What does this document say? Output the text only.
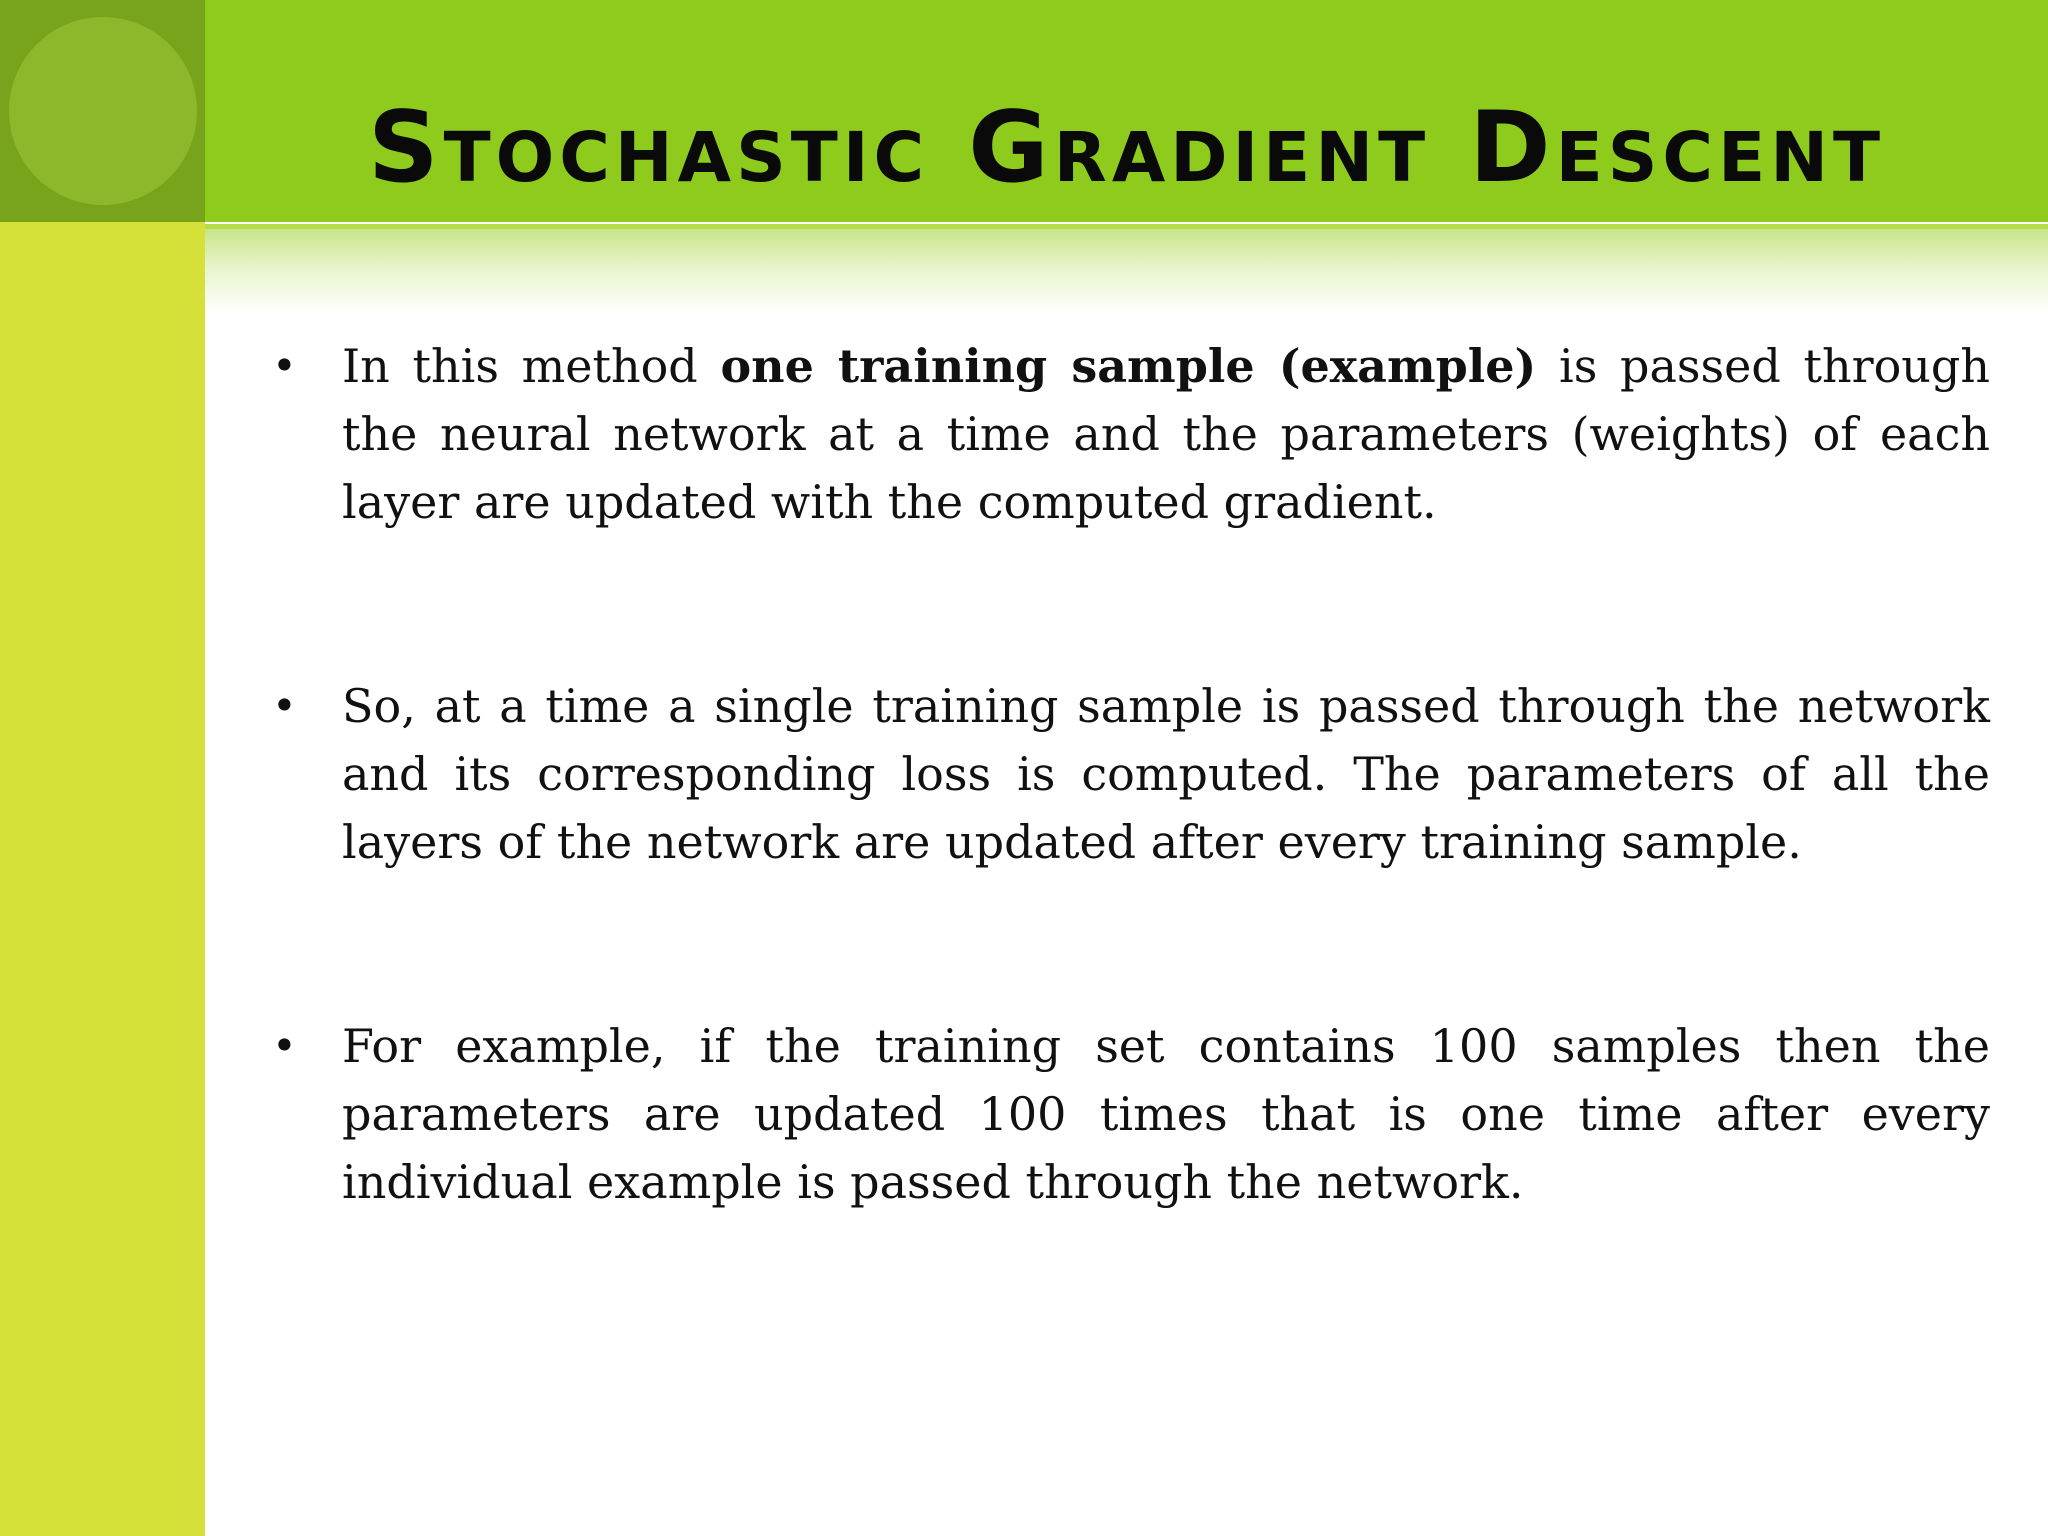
Stochastic Gradient Descent
• In this method one training sample (example) is passed through the neural network at a time and the parameters (weights) of each layer are updated with the computed gradient.
• So, at a time a single training sample is passed through the network and its corresponding loss is computed. The parameters of all the layers of the network are updated after every training sample.
• For example, if the training set contains 100 samples then the parameters are updated 100 times that is one time after every individual example is passed through the network.
